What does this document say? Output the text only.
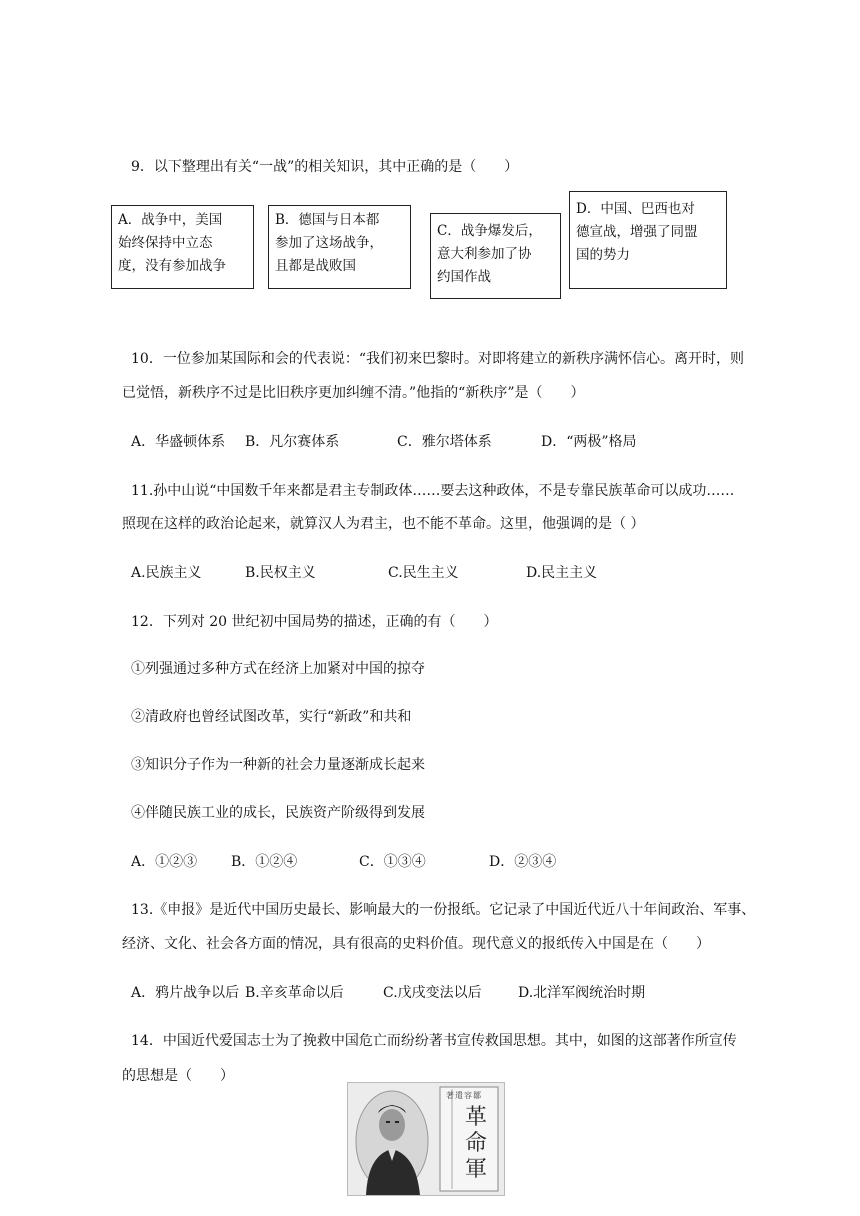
9．以下整理出有关“一战”的相关知识，其中正确的是（　　）
A．战争中，美国
始终保持中立态
度，没有参加战争
B．德国与日本都
参加了这场战争，
且都是战败国
C．战争爆发后，
意大利参加了协
约国作战
D．中国、巴西也对
德宣战，增强了同盟
国的势力
10．一位参加某国际和会的代表说：“我们初来巴黎时。对即将建立的新秩序满怀信心。离开时，则
已觉悟，新秩序不过是比旧秩序更加纠缠不清。”他指的“新秩序”是（　　）
A．华盛顿体系 B．凡尔赛体系	C．雅尔塔体系	D．“两极”格局
11.孙中山说“中国数千年来都是君主专制政体……要去这种政体，不是专靠民族革命可以成功……
照现在这样的政治论起来，就算汉人为君主，也不能不革命。这里，他强调的是（ ）
A.民族主义	B.民权主义	C.民生主义	D.民主主义
12．下列对 20 世纪初中国局势的描述，正确的有（　　）
①列强通过多种方式在经济上加紧对中国的掠夺
②清政府也曾经试图改革，实行“新政”和共和
③知识分子作为一种新的社会力量逐渐成长起来
④伴随民族工业的成长，民族资产阶级得到发展
A．①②③ B．①②④	C．①③④	D．②③④
13.《申报》是近代中国历史最长、影响最大的一份报纸。它记录了中国近代近八十年间政治、军事、
经济、文化、社会各方面的情况，具有很高的史料价值。现代意义的报纸传入中国是在（　　）
A．鸦片战争以后 B.辛亥革命以后	C.戊戌变法以后	D.北洋军阀统治时期
14．中国近代爱国志士为了挽救中国危亡而纷纷著书宣传救国思想。其中，如图的这部著作所宣传
的思想是（　　）
著遣容鄒
革
命
軍
